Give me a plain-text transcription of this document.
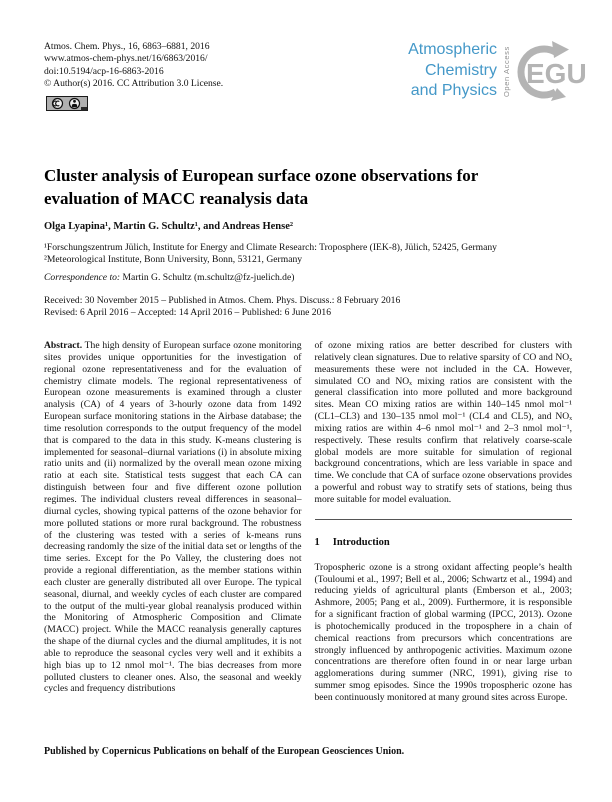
Atmos. Chem. Phys., 16, 6863–6881, 2016
www.atmos-chem-phys.net/16/6863/2016/
doi:10.5194/acp-16-6863-2016
© Author(s) 2016. CC Attribution 3.0 License.
Atmospheric
Chemistry
and Physics Open Access EGU
Cluster analysis of European surface ozone observations for
evaluation of MACC reanalysis data
Olga Lyapina¹, Martin G. Schultz¹, and Andreas Hense²
¹Forschungszentrum Jülich, Institute for Energy and Climate Research: Troposphere (IEK-8), Jülich, 52425, Germany
²Meteorological Institute, Bonn University, Bonn, 53121, Germany
Correspondence to: Martin G. Schultz (m.schultz@fz-juelich.de)
Received: 30 November 2015 – Published in Atmos. Chem. Phys. Discuss.: 8 February 2016
Revised: 6 April 2016 – Accepted: 14 April 2016 – Published: 6 June 2016

Abstract. The high density of European surface ozone monitoring sites provides unique opportunities for the investigation of regional ozone representativeness and for the evaluation of chemistry climate models. The regional representativeness of European ozone measurements is examined through a cluster analysis (CA) of 4 years of 3-hourly ozone data from 1492 European surface monitoring stations in the Airbase database; the time resolution corresponds to the output frequency of the model that is compared to the data in this study. K-means clustering is implemented for seasonal–diurnal variations (i) in absolute mixing ratio units and (ii) normalized by the overall mean ozone mixing ratio at each site. Statistical tests suggest that each CA can distinguish between four and five different ozone pollution regimes. The individual clusters reveal differences in seasonal–diurnal cycles, showing typical patterns of the ozone behavior for more polluted stations or more rural background. The robustness of the clustering was tested with a series of k-means runs decreasing randomly the size of the initial data set or lengths of the time series. Except for the Po Valley, the clustering does not provide a regional differentiation, as the member stations within each cluster are generally distributed all over Europe. The typical seasonal, diurnal, and weekly cycles of each cluster are compared to the output of the multi-year global reanalysis produced within the Monitoring of Atmospheric Composition and Climate (MACC) project. While the MACC reanalysis generally captures the shape of the diurnal cycles and the diurnal amplitudes, it is not able to reproduce the seasonal cycles very well and it exhibits a high bias up to 12 nmol mol⁻¹. The bias decreases from more polluted clusters to cleaner ones. Also, the seasonal and weekly cycles and frequency distributions

of ozone mixing ratios are better described for clusters with relatively clean signatures. Due to relative sparsity of CO and NOₓ measurements these were not included in the CA. However, simulated CO and NOₓ mixing ratios are consistent with the general classification into more polluted and more background sites. Mean CO mixing ratios are within 140–145 nmol mol⁻¹ (CL1–CL3) and 130–135 nmol mol⁻¹ (CL4 and CL5), and NOₓ mixing ratios are within 4–6 nmol mol⁻¹ and 2–3 nmol mol⁻¹, respectively. These results confirm that relatively coarse-scale global models are more suitable for simulation of regional background concentrations, which are less variable in space and time. We conclude that CA of surface ozone observations provides a powerful and robust way to stratify sets of stations, being thus more suitable for model evaluation.

1 Introduction

Tropospheric ozone is a strong oxidant affecting people’s health (Touloumi et al., 1997; Bell et al., 2006; Schwartz et al., 1994) and reducing yields of agricultural plants (Emberson et al., 2003; Ashmore, 2005; Pang et al., 2009). Furthermore, it is responsible for a significant fraction of global warming (IPCC, 2013). Ozone is photochemically produced in the troposphere in a chain of chemical reactions from precursors which concentrations are strongly influenced by anthropogenic activities. Maximum ozone concentrations are therefore often found in or near large urban agglomerations during summer (NRC, 1991), giving rise to summer smog episodes. Since the 1990s tropospheric ozone has been continuously monitored at many ground sites across Europe.

Published by Copernicus Publications on behalf of the European Geosciences Union.
